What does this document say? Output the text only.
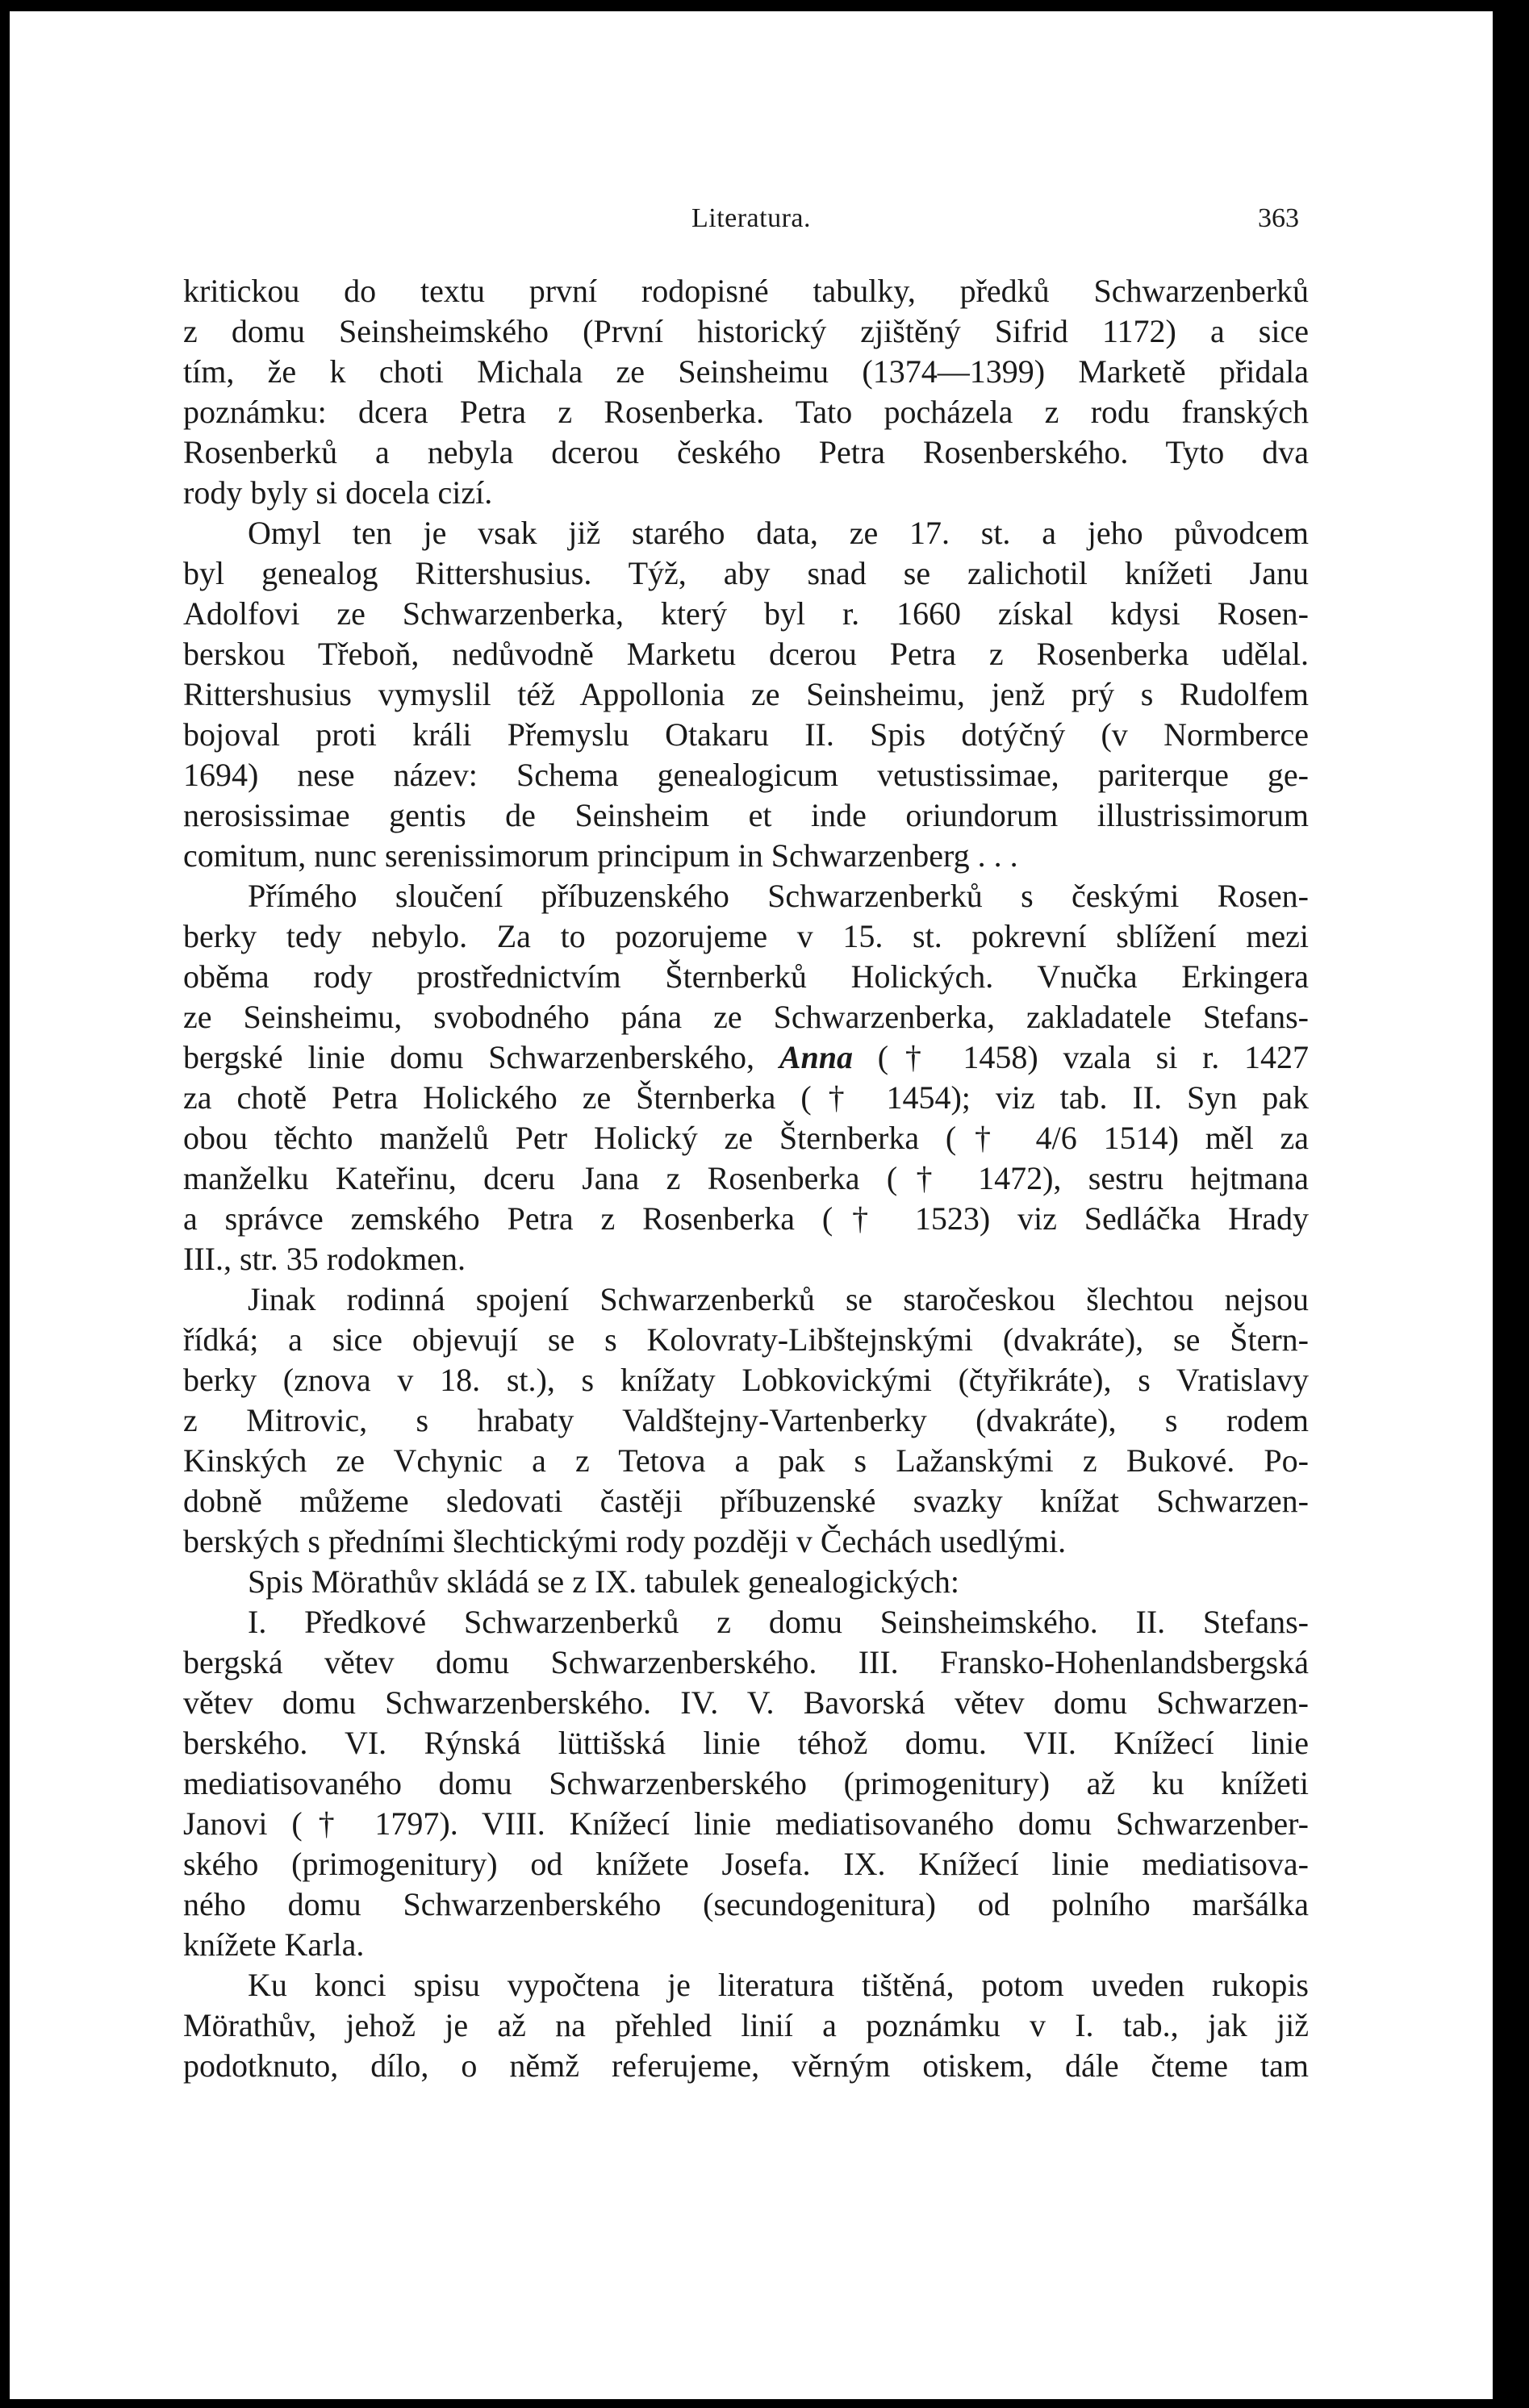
Literatura.	363
kritickou do textu první rodopisné tabulky, předků Schwarzenberků
z domu Seinsheimského (První historický zjištěný Sifrid 1172) a sice
tím, že k choti Michala ze Seinsheimu (1374—1399) Marketě přidala
poznámku: dcera Petra z Rosenberka. Tato pocházela z rodu franských
Rosenberků a nebyla dcerou českého Petra Rosenberského. Tyto dva
rody byly si docela cizí.
Omyl ten je vsak již starého data, ze 17. st. a jeho původcem
byl genealog Rittershusius. Týž, aby snad se zalichotil knížeti Janu
Adolfovi ze Schwarzenberka, který byl r. 1660 získal kdysi Rosen-
berskou Třeboň, nedůvodně Marketu dcerou Petra z Rosenberka udělal.
Rittershusius vymyslil též Appollonia ze Seinsheimu, jenž prý s Rudolfem
bojoval proti králi Přemyslu Otakaru II. Spis dotýčný (v Normberce
1694) nese název: Schema genealogicum vetustissimae, pariterque ge-
nerosissimae gentis de Seinsheim et inde oriundorum illustrissimorum
comitum, nunc serenissimorum principum in Schwarzenberg . . .
Přímého sloučení příbuzenského Schwarzenberků s českými Rosen-
berky tedy nebylo. Za to pozorujeme v 15. st. pokrevní sblížení mezi
oběma rody prostřednictvím Šternberků Holických. Vnučka Erkingera
ze Seinsheimu, svobodného pána ze Schwarzenberka, zakladatele Stefans-
bergské linie domu Schwarzenberského, Anna († 1458) vzala si r. 1427
za chotě Petra Holického ze Šternberka († 1454); viz tab. II. Syn pak
obou těchto manželů Petr Holický ze Šternberka († 4/6 1514) měl za
manželku Kateřinu, dceru Jana z Rosenberka († 1472), sestru hejtmana
a správce zemského Petra z Rosenberka († 1523) viz Sedláčka Hrady
III., str. 35 rodokmen.
Jinak rodinná spojení Schwarzenberků se staročeskou šlechtou nejsou
řídká; a sice objevují se s Kolovraty-Libštejnskými (dvakráte), se Štern-
berky (znova v 18. st.), s knížaty Lobkovickými (čtyřikráte), s Vratislavy
z Mitrovic, s hrabaty Valdštejny-Vartenberky (dvakráte), s rodem
Kinských ze Vchynic a z Tetova a pak s Lažanskými z Bukové. Po-
dobně můžeme sledovati častěji příbuzenské svazky knížat Schwarzen-
berských s předními šlechtickými rody později v Čechách usedlými.
Spis Mörathův skládá se z IX. tabulek genealogických:
I. Předkové Schwarzenberků z domu Seinsheimského. II. Stefans-
bergská větev domu Schwarzenberského. III. Fransko-Hohenlandsbergská
větev domu Schwarzenberského. IV. V. Bavorská větev domu Schwarzen-
berského. VI. Rýnská lüttišská linie téhož domu. VII. Knížecí linie
mediatisovaného domu Schwarzenberského (primogenitury) až ku knížeti
Janovi († 1797). VIII. Knížecí linie mediatisovaného domu Schwarzenber-
ského (primogenitury) od knížete Josefa. IX. Knížecí linie mediatisova-
ného domu Schwarzenberského (secundogenitura) od polního maršálka
knížete Karla.
Ku konci spisu vypočtena je literatura tištěná, potom uveden rukopis
Mörathův, jehož je až na přehled linií a poznámku v I. tab., jak již
podotknuto, dílo, o němž referujeme, věrným otiskem, dále čteme tam
